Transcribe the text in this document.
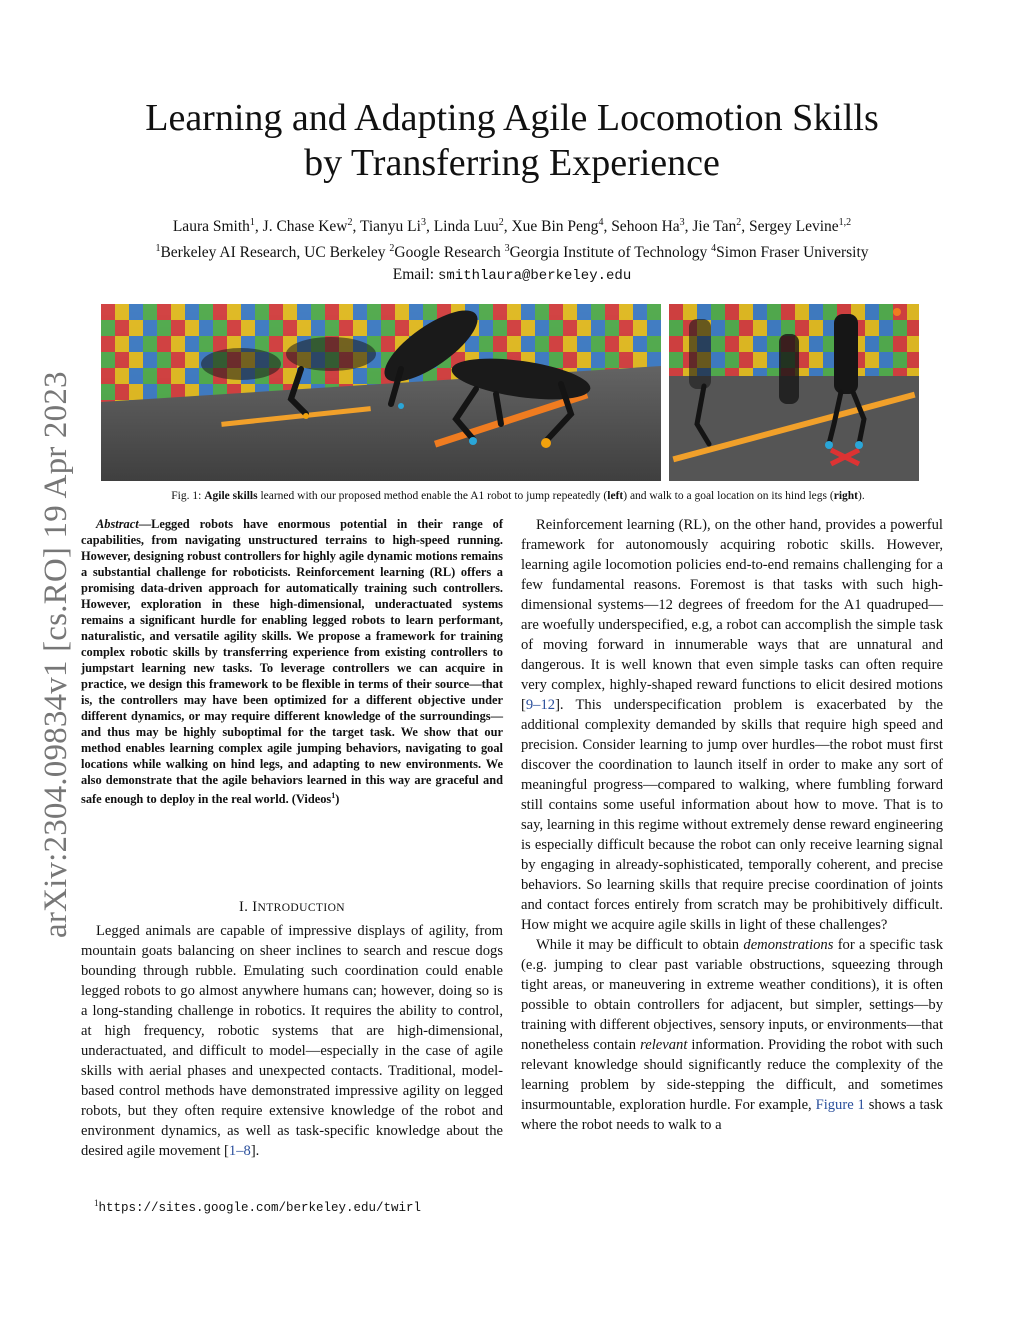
arXiv:2304.09834v1 [cs.RO] 19 Apr 2023
Learning and Adapting Agile Locomotion Skills
by Transferring Experience
Laura Smith$^1$, J. Chase Kew$^2$, Tianyu Li$^3$, Linda Luu$^2$, Xue Bin Peng$^4$, Sehoon Ha$^3$, Jie Tan$^2$, Sergey Levine$^{1,2}$
$^1$Berkeley AI Research, UC Berkeley $^2$Google Research $^3$Georgia Institute of Technology $^4$Simon Fraser University
Email: smithlaura@berkeley.edu
Fig. 1: Agile skills learned with our proposed method enable the A1 robot to jump repeatedly (left) and walk to a goal location on its hind legs (right).
Abstract—Legged robots have enormous potential in their range of capabilities, from navigating unstructured terrains to high-speed running. However, designing robust controllers for highly agile dynamic motions remains a substantial challenge for roboticists. Reinforcement learning (RL) offers a promising data-driven approach for automatically training such controllers. However, exploration in these high-dimensional, underactuated systems remains a significant hurdle for enabling legged robots to learn performant, naturalistic, and versatile agility skills. We propose a framework for training complex robotic skills by transferring experience from existing controllers to jumpstart learning new tasks. To leverage controllers we can acquire in practice, we design this framework to be flexible in terms of their source—that is, the controllers may have been optimized for a different objective under different dynamics, or may require different knowledge of the surroundings—and thus may be highly suboptimal for the target task. We show that our method enables learning complex agile jumping behaviors, navigating to goal locations while walking on hind legs, and adapting to new environments. We also demonstrate that the agile behaviors learned in this way are graceful and safe enough to deploy in the real world. (Videos$^1$)
I. INTRODUCTION

Legged animals are capable of impressive displays of agility, from mountain goats balancing on sheer inclines to search and rescue dogs bounding through rubble. Emulating such coordination could enable legged robots to go almost anywhere humans can; however, doing so is a long-standing challenge in robotics. It requires the ability to control, at high frequency, robotic systems that are high-dimensional, underactuated, and difficult to model—especially in the case of agile skills with aerial phases and unexpected contacts. Traditional, model-based control methods have demonstrated impressive agility on legged robots, but they often require extensive knowledge of the robot and environment dynamics, as well as task-specific knowledge about the desired agile movement [1–8].

$^1$https://sites.google.com/berkeley.edu/twirl

Reinforcement learning (RL), on the other hand, provides a powerful framework for autonomously acquiring robotic skills. However, learning agile locomotion policies end-to-end remains challenging for a few fundamental reasons. Foremost is that tasks with such high-dimensional systems—12 degrees of freedom for the A1 quadruped—are woefully underspecified, e.g, a robot can accomplish the simple task of moving forward in innumerable ways that are unnatural and dangerous. It is well known that even simple tasks can often require very complex, highly-shaped reward functions to elicit desired motions [9–12]. This underspecification problem is exacerbated by the additional complexity demanded by skills that require high speed and precision. Consider learning to jump over hurdles—the robot must first discover the coordination to launch itself in order to make any sort of meaningful progress—compared to walking, where fumbling forward still contains some useful information about how to move. That is to say, learning in this regime without extremely dense reward engineering is especially difficult because the robot can only receive learning signal by engaging in already-sophisticated, temporally coherent, and precise behaviors. So learning skills that require precise coordination of joints and contact forces entirely from scratch may be prohibitively difficult. How might we acquire agile skills in light of these challenges?

While it may be difficult to obtain demonstrations for a specific task (e.g. jumping to clear past variable obstructions, squeezing through tight areas, or maneuvering in extreme weather conditions), it is often possible to obtain controllers for adjacent, but simpler, settings—by training with different objectives, sensory inputs, or environments—that nonetheless contain relevant information. Providing the robot with such relevant knowledge should significantly reduce the complexity of the learning problem by side-stepping the difficult, and sometimes insurmountable, exploration hurdle. For example, Figure 1 shows a task where the robot needs to walk to a
